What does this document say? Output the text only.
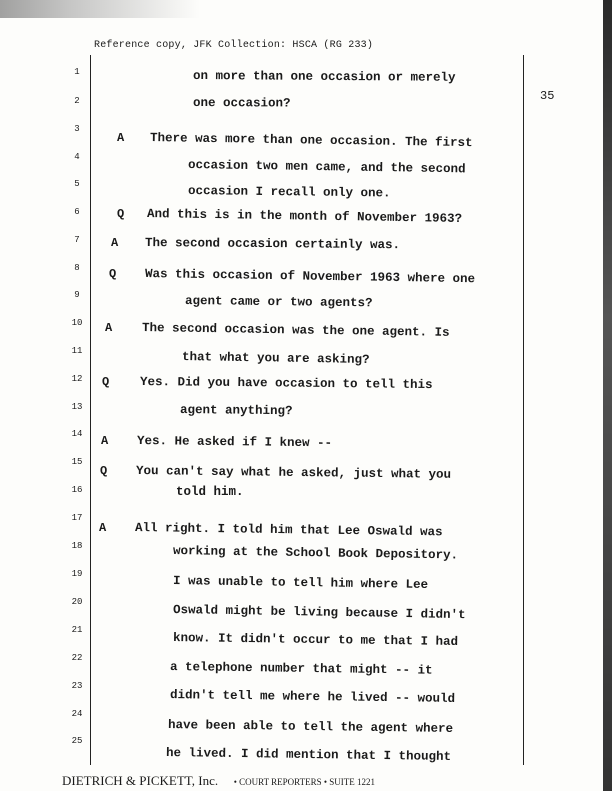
Reference copy, JFK Collection: HSCA (RG 233)
35
1	on more than one occasion or merely
2	one occasion?
3
A There was more than one occasion. The first
4
occasion two men came, and the second
5
occasion I recall only one.
6	Q And this is in the month of November 1963?
7	A The second occasion certainly was.
8	Q Was this occasion of November 1963 where one
9	agent came or two agents?
10 A The second occasion was the one agent. Is
11	that what you are asking?
12 Q Yes. Did you have occasion to tell this
13	agent anything?
14 A Yes. He asked if I knew --
15
Q You can't say what he asked, just what you
16	told him.
17
A All right. I told him that Lee Oswald was
18	working at the School Book Depository.
19
I was unable to tell him where Lee
20
Oswald might be living because I didn't
21
know. It didn't occur to me that I had
22
a telephone number that might -- it
23
didn't tell me where he lived -- would
24
have been able to tell the agent where
25
he lived. I did mention that I thought
DIETRICH & PICKETT, Inc. • COURT REPORTERS • SUITE 1221
